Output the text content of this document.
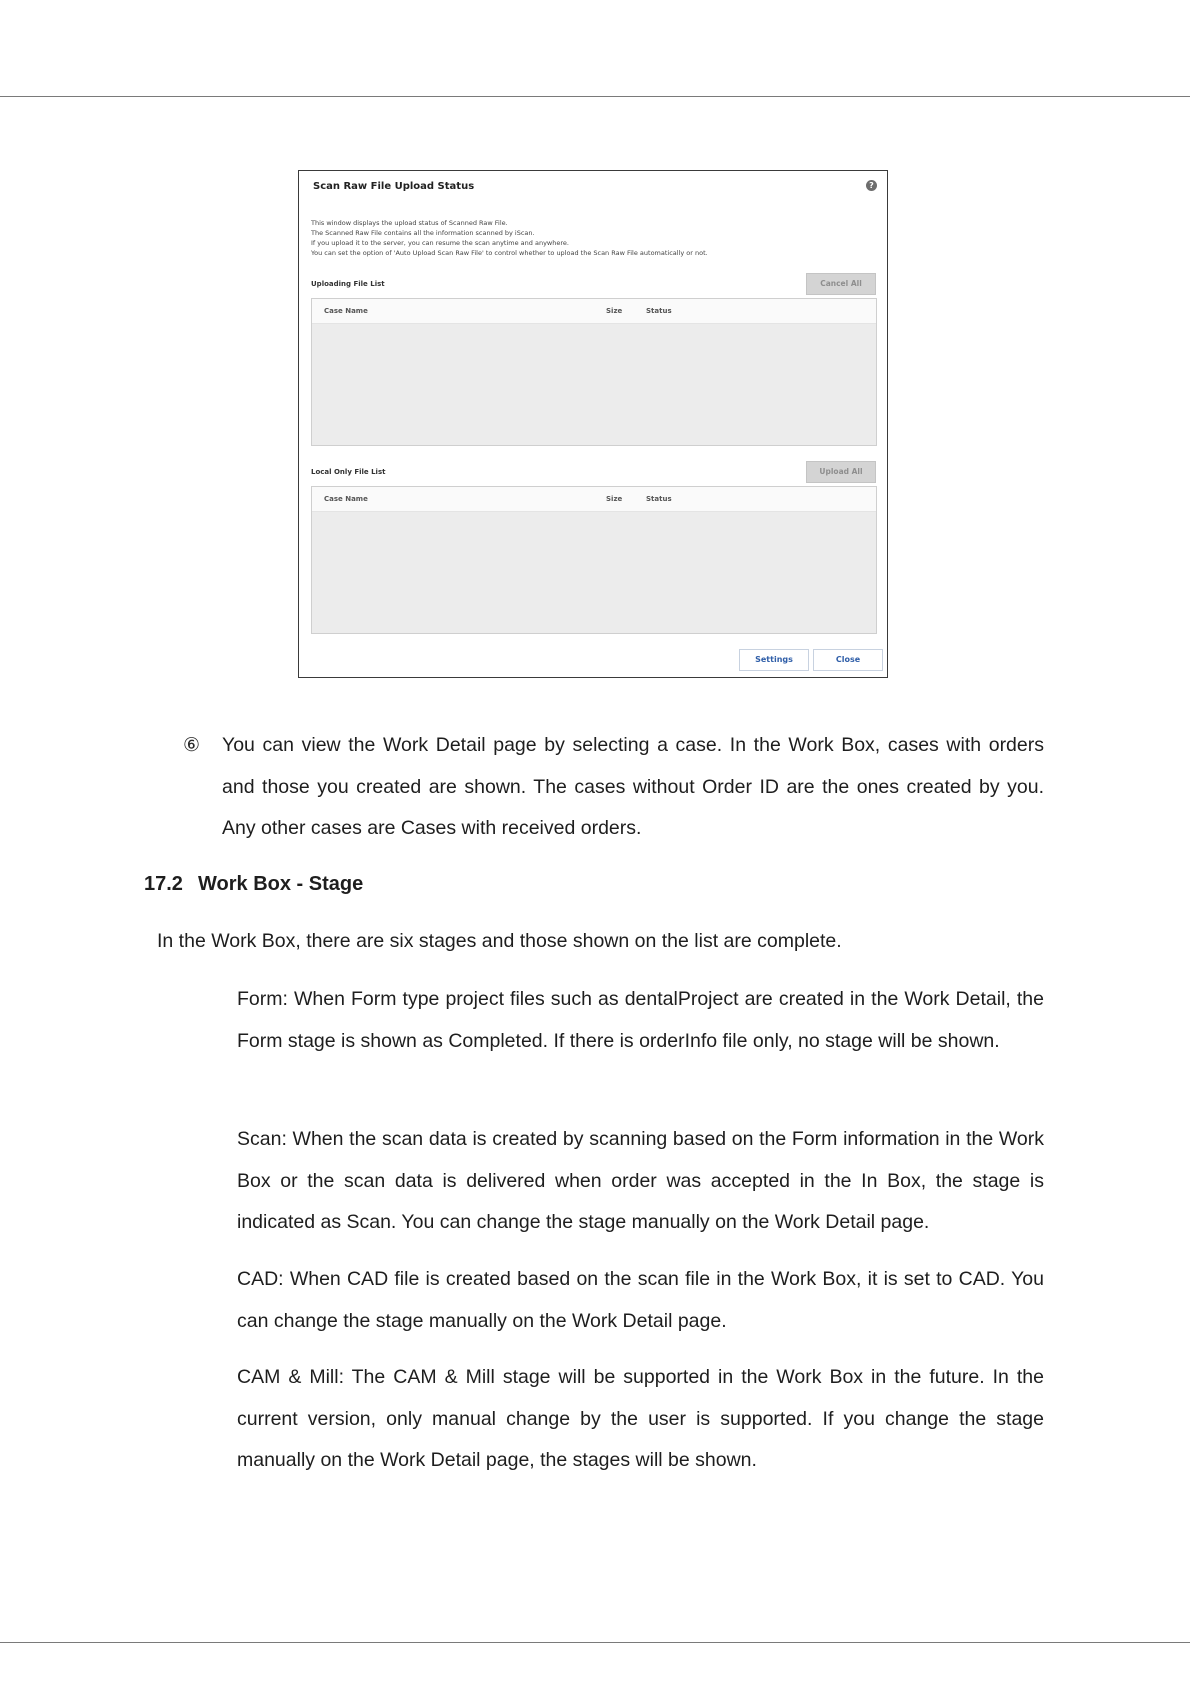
Scan Raw File Upload Status	?
This window displays the upload status of Scanned Raw File.
The Scanned Raw File contains all the information scanned by iScan.
If you upload it to the server, you can resume the scan anytime and anywhere.
You can set the option of 'Auto Upload Scan Raw File' to control whether to upload the Scan Raw File automatically or not.
Uploading File List	Cancel All
Case Name	Size	Status
Local Only File List	Upload All
Case Name	Size	Status
Settings	Close
⑥ You can view the Work Detail page by selecting a case. In the Work Box, cases with orders and those you created are shown. The cases without Order ID are the ones created by you. Any other cases are Cases with received orders.

17.2 Work Box - Stage

In the Work Box, there are six stages and those shown on the list are complete.

Form: When Form type project files such as dentalProject are created in the Work Detail, the Form stage is shown as Completed. If there is orderInfo file only, no stage will be shown.

Scan: When the scan data is created by scanning based on the Form information in the Work Box or the scan data is delivered when order was accepted in the In Box, the stage is indicated as Scan. You can change the stage manually on the Work Detail page.

CAD: When CAD file is created based on the scan file in the Work Box, it is set to CAD. You can change the stage manually on the Work Detail page.

CAM & Mill: The CAM & Mill stage will be supported in the Work Box in the future. In the current version, only manual change by the user is supported. If you change the stage manually on the Work Detail page, the stages will be shown.
